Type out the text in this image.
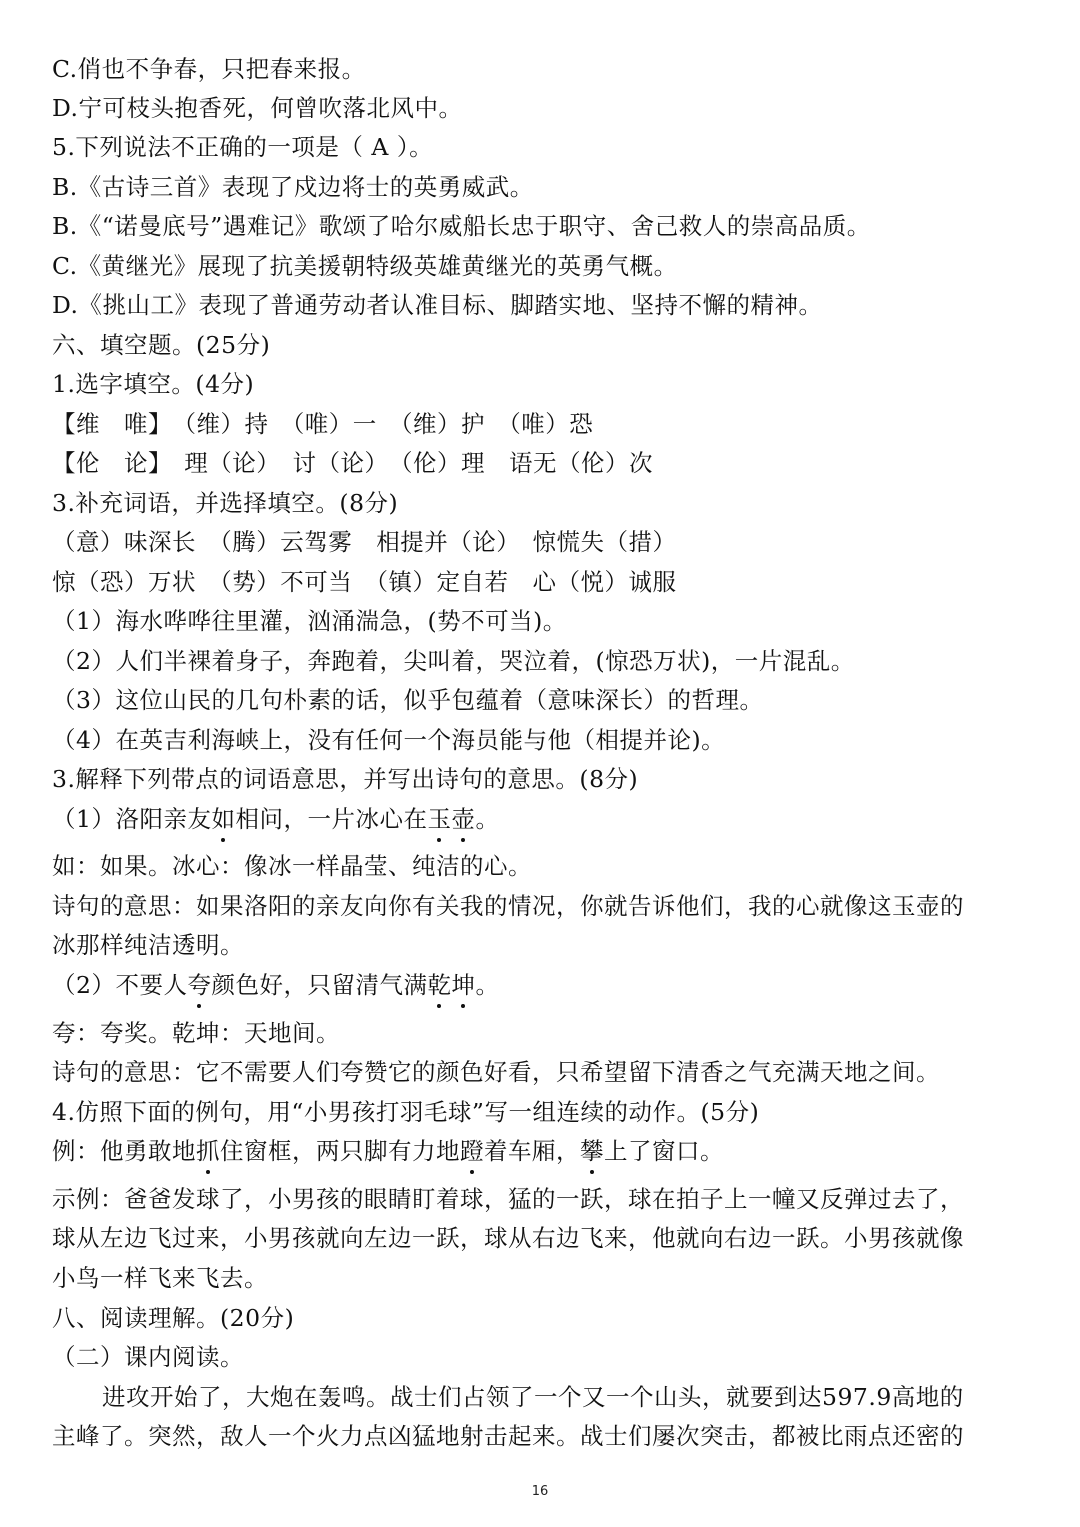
C.俏也不争春，只把春来报。
D.宁可枝头抱香死，何曾吹落北风中。
5.下列说法不正确的一项是（ A ）。
B.《古诗三首》表现了戍边将士的英勇威武。
B.《“诺曼底号”遇难记》歌颂了哈尔威船长忠于职守、舍己救人的崇高品质。
C.《黄继光》展现了抗美援朝特级英雄黄继光的英勇气概。
D.《挑山工》表现了普通劳动者认准目标、脚踏实地、坚持不懈的精神。
六、填空题。(25分)
1.选字填空。(4分)
【维　唯】　（维）持　（唯）一　（维）护　（唯）恐
【伦　论】　理（论）　讨（论）　（伦）理　语无（伦）次
3.补充词语，并选择填空。(8分)
（意）味深长　（腾）云驾雾　相提并（论）　惊慌失（措）
惊（恐）万状　（势）不可当　（镇）定自若　心（悦）诚服
（1）海水哗哗往里灌，汹涌湍急，(势不可当)。
（2）人们半裸着身子，奔跑着，尖叫着，哭泣着，(惊恐万状)，一片混乱。
（3）这位山民的几句朴素的话，似乎包蕴着（意味深长）的哲理。
（4）在英吉利海峡上，没有任何一个海员能与他（相提并论)。
3.解释下列带点的词语意思，并写出诗句的意思。(8分)
（1）洛阳亲友如相问，一片冰心在玉壶。
如：如果。冰心：像冰一样晶莹、纯洁的心。
诗句的意思：如果洛阳的亲友向你有关我的情况，你就告诉他们，我的心就像这玉壶的
冰那样纯洁透明。
（2）不要人夸颜色好，只留清气满乾坤。
夸：夸奖。乾坤：天地间。
诗句的意思：它不需要人们夸赞它的颜色好看，只希望留下清香之气充满天地之间。
4.仿照下面的例句，用“小男孩打羽毛球”写一组连续的动作。(5分)
例：他勇敢地抓住窗框，两只脚有力地蹬着车厢，攀上了窗口。
示例：爸爸发球了，小男孩的眼睛盯着球，猛的一跃，球在拍子上一幢又反弹过去了，
球从左边飞过来，小男孩就向左边一跃，球从右边飞来，他就向右边一跃。小男孩就像
小鸟一样飞来飞去。
八、阅读理解。(20分)
（二）课内阅读。
进攻开始了，大炮在轰鸣。战士们占领了一个又一个山头，就要到达597.9高地的
主峰了。突然，敌人一个火力点凶猛地射击起来。战士们屡次突击，都被比雨点还密的
16
